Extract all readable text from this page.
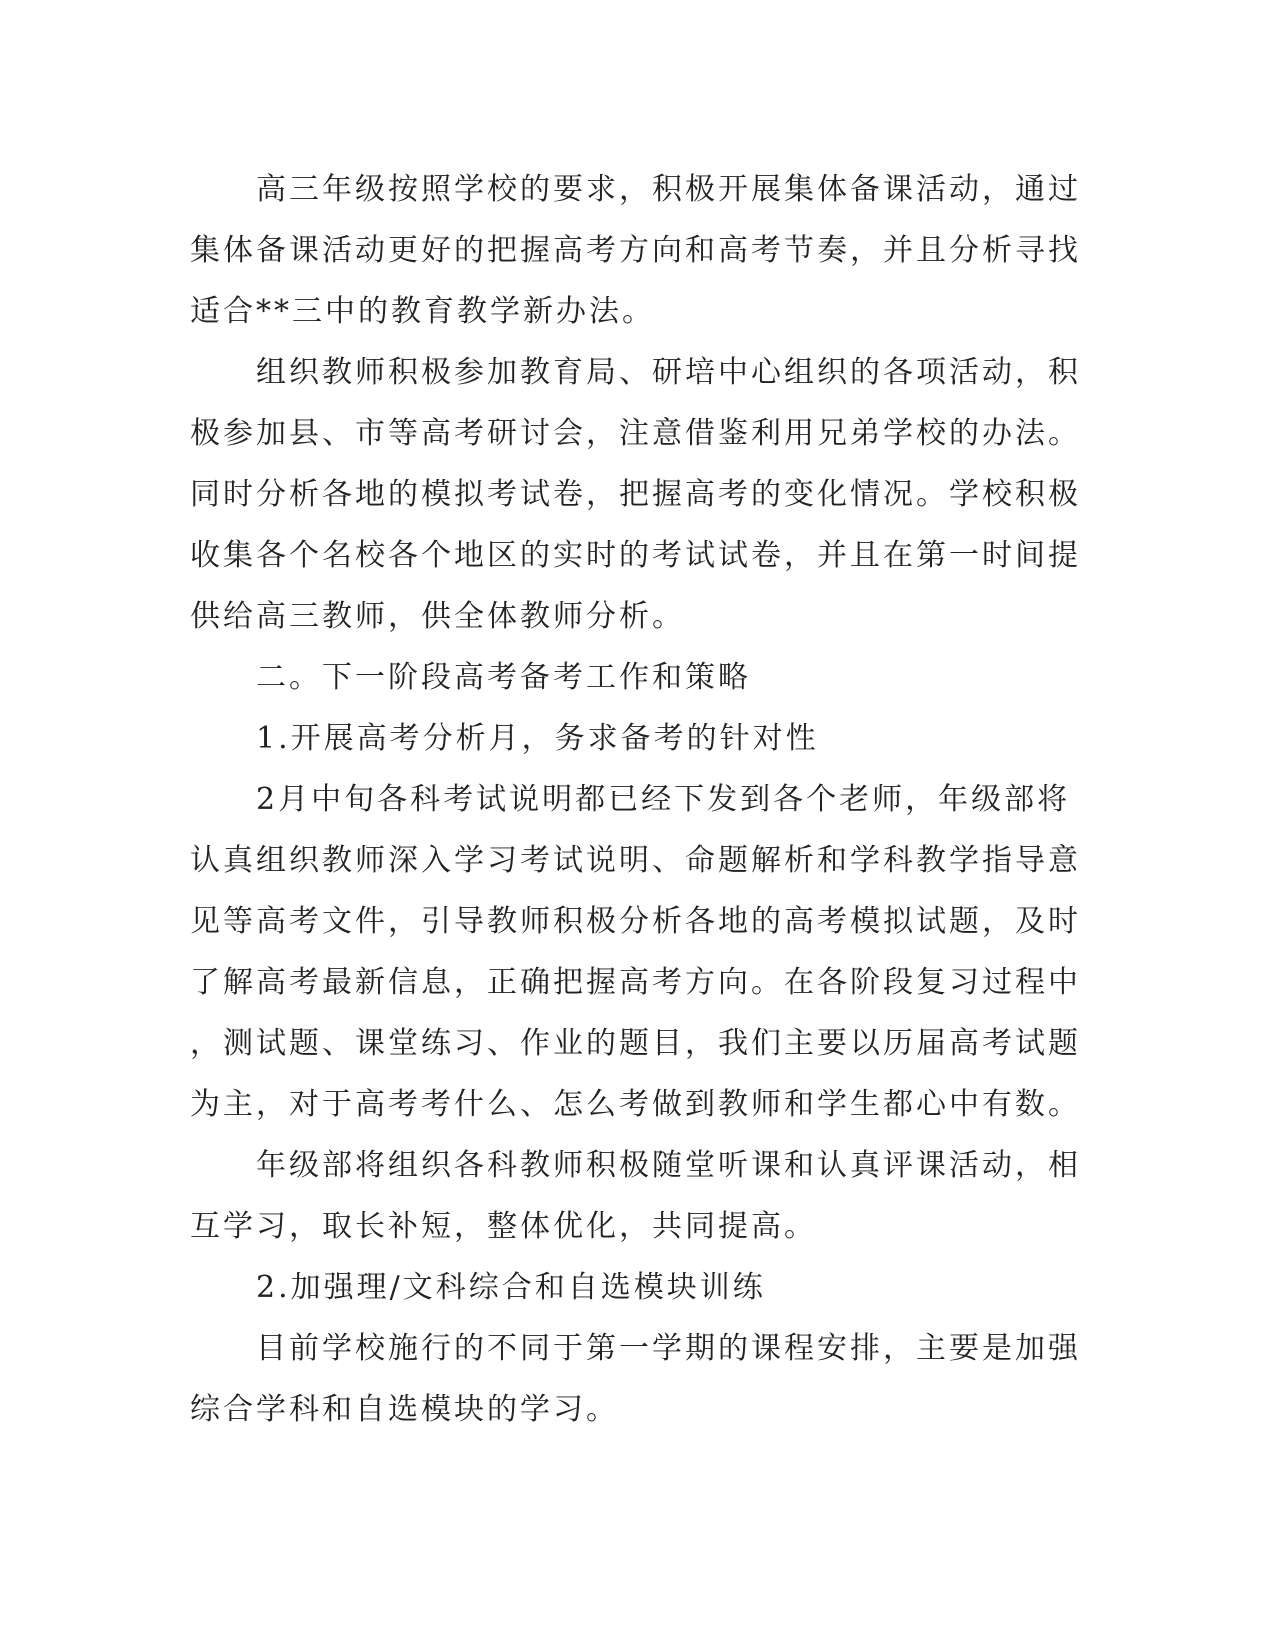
高三年级按照学校的要求，积极开展集体备课活动，通过集体备课活动更好的把握高考方向和高考节奏，并且分析寻找适合**三中的教育教学新办法。

组织教师积极参加教育局、研培中心组织的各项活动，积极参加县、市等高考研讨会，注意借鉴利用兄弟学校的办法。同时分析各地的模拟考试卷，把握高考的变化情况。学校积极收集各个名校各个地区的实时的考试试卷，并且在第一时间提供给高三教师，供全体教师分析。

二。下一阶段高考备考工作和策略

1.开展高考分析月，务求备考的针对性

2月中旬各科考试说明都已经下发到各个老师，年级部将认真组织教师深入学习考试说明、命题解析和学科教学指导意见等高考文件，引导教师积极分析各地的高考模拟试题，及时了解高考最新信息，正确把握高考方向。在各阶段复习过程中，测试题、课堂练习、作业的题目，我们主要以历届高考试题为主，对于高考考什么、怎么考做到教师和学生都心中有数。

年级部将组织各科教师积极随堂听课和认真评课活动，相互学习，取长补短，整体优化，共同提高。

2.加强理/文科综合和自选模块训练

目前学校施行的不同于第一学期的课程安排，主要是加强综合学科和自选模块的学习。
